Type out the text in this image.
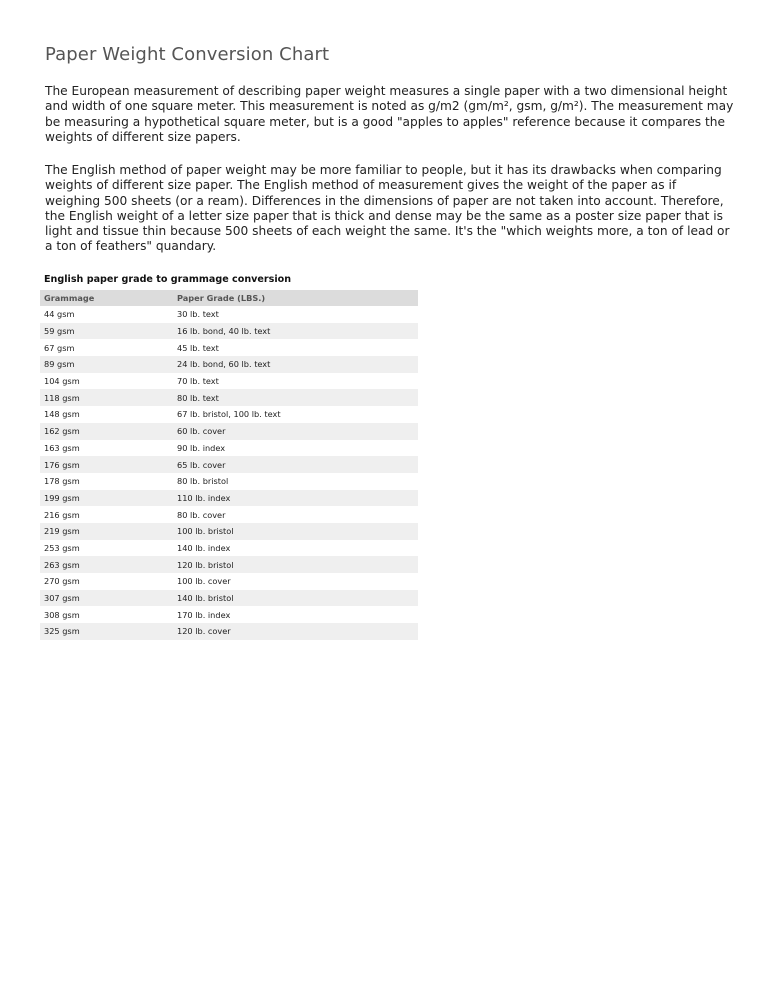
Paper Weight Conversion Chart

The European measurement of describing paper weight measures a single paper with a two dimensional height and width of one square meter. This measurement is noted as g/m2 (gm/m², gsm, g/m²). The measurement may be measuring a hypothetical square meter, but is a good "apples to apples" reference because it compares the weights of different size papers.

The English method of paper weight may be more familiar to people, but it has its drawbacks when comparing weights of different size paper. The English method of measurement gives the weight of the paper as if weighing 500 sheets (or a ream). Differences in the dimensions of paper are not taken into account. Therefore, the English weight of a letter size paper that is thick and dense may be the same as a poster size paper that is light and tissue thin because 500 sheets of each weight the same. It's the "which weights more, a ton of lead or a ton of feathers" quandary.

English paper grade to grammage conversion
Grammage	Paper Grade (LBS.)
44 gsm	30 lb. text
59 gsm	16 lb. bond, 40 lb. text
67 gsm	45 lb. text
89 gsm	24 lb. bond, 60 lb. text
104 gsm	70 lb. text
118 gsm	80 lb. text
148 gsm	67 lb. bristol, 100 lb. text
162 gsm	60 lb. cover
163 gsm	90 lb. index
176 gsm	65 lb. cover
178 gsm	80 lb. bristol
199 gsm	110 lb. index
216 gsm	80 lb. cover
219 gsm	100 lb. bristol
253 gsm	140 lb. index
263 gsm	120 lb. bristol
270 gsm	100 lb. cover
307 gsm	140 lb. bristol
308 gsm	170 lb. index
325 gsm	120 lb. cover
